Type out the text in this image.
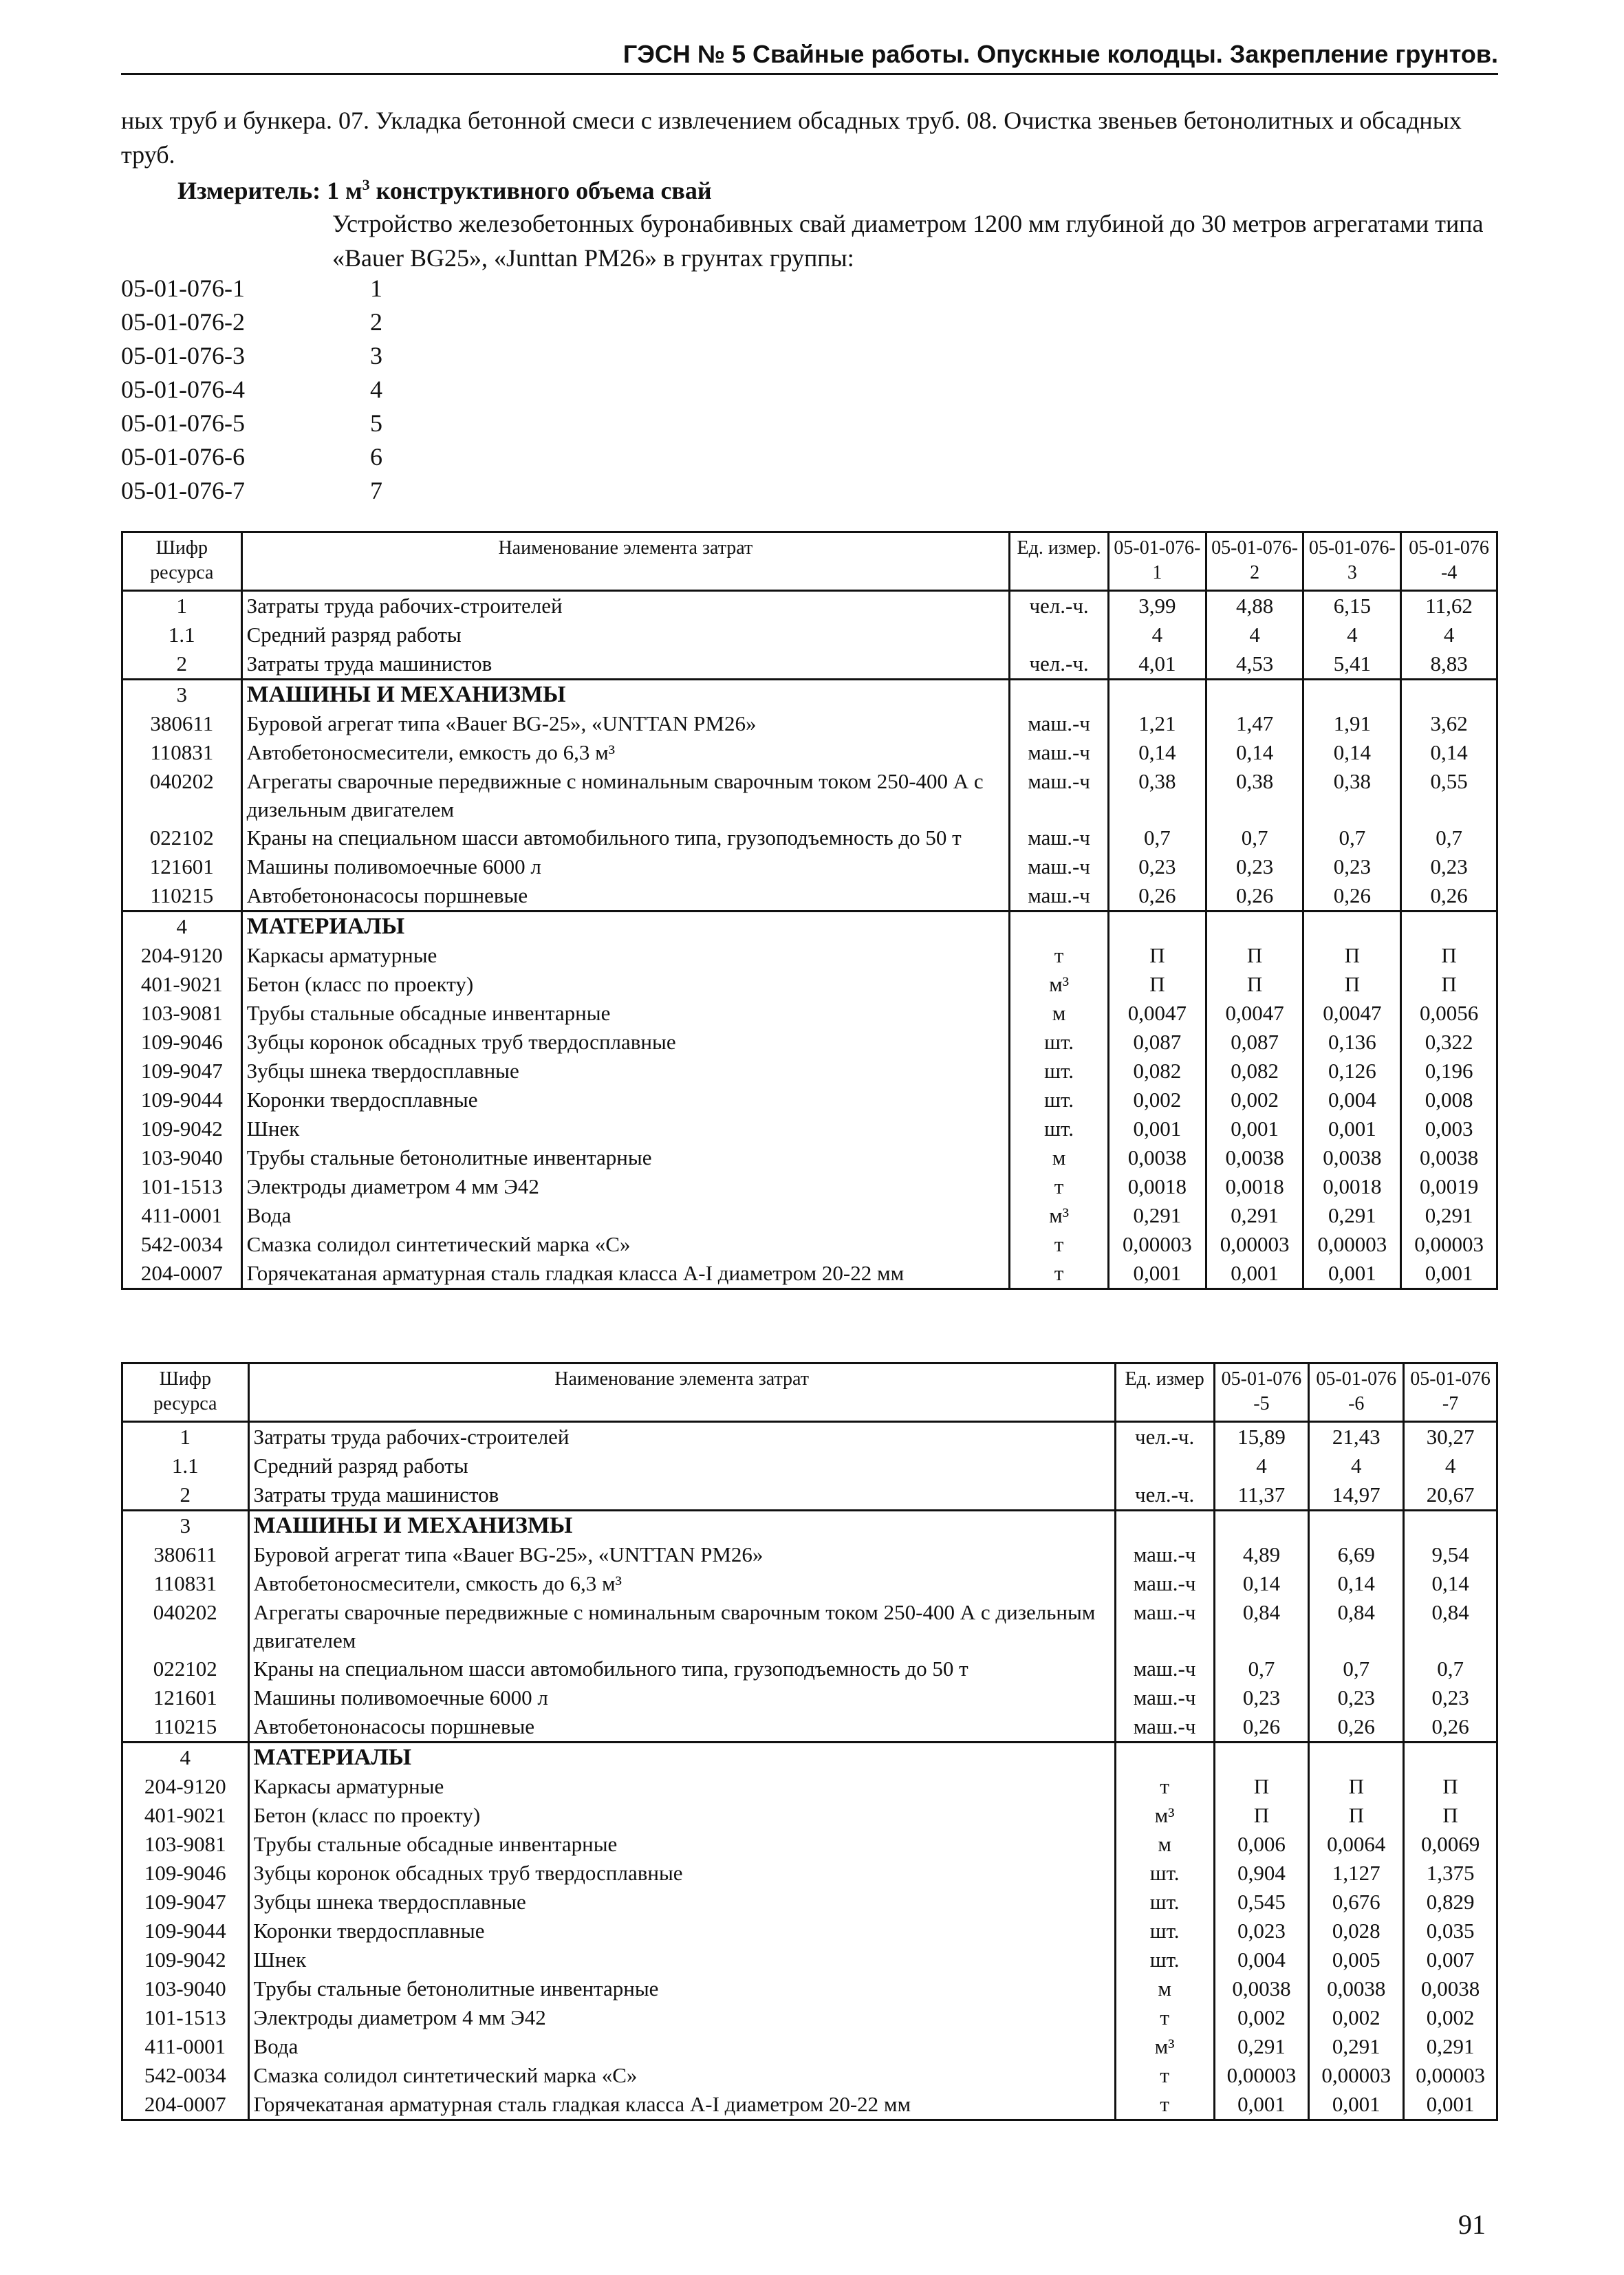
ГЭСН № 5 Свайные работы. Опускные колодцы. Закрепление грунтов.
ных труб и бункера. 07. Укладка бетонной смеси с извлечением обсадных труб. 08. Очистка звеньев бетонолитных и обсадных труб.
Измеритель: 1 $м^3$ конструктивного объема свай
Устройство железобетонных буронабивных свай диаметром 1200 мм глубиной до 30 метров агрегатами типа «Bauer BG25», «Junttan PM26» в грунтах группы:
05-01-076-1	1
05-01-076-2	2
05-01-076-3	3
05-01-076-4	4
05-01-076-5	5
05-01-076-6	6
05-01-076-7	7
Шифр ресурса	Наименование элемента затрат	Ед. измер.	05-01-076-1	05-01-076-2	05-01-076-3	05-01-076-4
1	Затраты труда рабочих-строителей	чел.-ч.	3,99	4,88	6,15	11,62
1.1	Средний разряд работы		4	4	4	4
2	Затраты труда машинистов	чел.-ч.	4,01	4,53	5,41	8,83
3	МАШИНЫ И МЕХАНИЗМЫ					
380611	Буровой агрегат типа «Bauer BG-25», «UNTTAN PM26»	маш.-ч	1,21	1,47	1,91	3,62
110831	Автобетоносмесители, емкость до 6,3 м³	маш.-ч	0,14	0,14	0,14	0,14
040202	Агрегаты сварочные передвижные с номинальным сварочным током 250-400 А с дизельным двигателем	маш.-ч	0,38	0,38	0,38	0,55
022102	Краны на специальном шасси автомобильного типа, грузоподъемность до 50 т	маш.-ч	0,7	0,7	0,7	0,7
121601	Машины поливомоечные 6000 л	маш.-ч	0,23	0,23	0,23	0,23
110215	Автобетононасосы поршневые	маш.-ч	0,26	0,26	0,26	0,26
4	МАТЕРИАЛЫ					
204-9120	Каркасы арматурные	т	П	П	П	П
401-9021	Бетон (класс по проекту)	м³	П	П	П	П
103-9081	Трубы стальные обсадные инвентарные	м	0,0047	0,0047	0,0047	0,0056
109-9046	Зубцы коронок обсадных труб твердосплавные	шт.	0,087	0,087	0,136	0,322
109-9047	Зубцы шнека твердосплавные	шт.	0,082	0,082	0,126	0,196
109-9044	Коронки твердосплавные	шт.	0,002	0,002	0,004	0,008
109-9042	Шнек	шт.	0,001	0,001	0,001	0,003
103-9040	Трубы стальные бетонолитные инвентарные	м	0,0038	0,0038	0,0038	0,0038
101-1513	Электроды диаметром 4 мм Э42	т	0,0018	0,0018	0,0018	0,0019
411-0001	Вода	м³	0,291	0,291	0,291	0,291
542-0034	Смазка солидол синтетический марка «С»	т	0,00003	0,00003	0,00003	0,00003
204-0007	Горячекатаная арматурная сталь гладкая класса А-I диаметром 20-22 мм	т	0,001	0,001	0,001	0,001
Шифр ресурса	Наименование элемента затрат	Ед. измер	05-01-076-5	05-01-076-6	05-01-076-7
1	Затраты труда рабочих-строителей	чел.-ч.	15,89	21,43	30,27
1.1	Средний разряд работы		4	4	4
2	Затраты труда машинистов	чел.-ч.	11,37	14,97	20,67
3	МАШИНЫ И МЕХАНИЗМЫ				
380611	Буровой агрегат типа «Bauer BG-25», «UNTTAN PM26»	маш.-ч	4,89	6,69	9,54
110831	Автобетоносмесители, смкость до 6,3 м³	маш.-ч	0,14	0,14	0,14
040202	Агрегаты сварочные передвижные с номинальным сварочным током 250-400 А с дизельным двигателем	маш.-ч	0,84	0,84	0,84
022102	Краны на специальном шасси автомобильного типа, грузоподъемность до 50 т	маш.-ч	0,7	0,7	0,7
121601	Машины поливомоечные 6000 л	маш.-ч	0,23	0,23	0,23
110215	Автобетононасосы поршневые	маш.-ч	0,26	0,26	0,26
4	МАТЕРИАЛЫ				
204-9120	Каркасы арматурные	т	П	П	П
401-9021	Бетон (класс по проекту)	м³	П	П	П
103-9081	Трубы стальные обсадные инвентарные	м	0,006	0,0064	0,0069
109-9046	Зубцы коронок обсадных труб твердосплавные	шт.	0,904	1,127	1,375
109-9047	Зубцы шнека твердосплавные	шт.	0,545	0,676	0,829
109-9044	Коронки твердосплавные	шт.	0,023	0,028	0,035
109-9042	Шнек	шт.	0,004	0,005	0,007
103-9040	Трубы стальные бетонолитные инвентарные	м	0,0038	0,0038	0,0038
101-1513	Электроды диаметром 4 мм Э42	т	0,002	0,002	0,002
411-0001	Вода	м³	0,291	0,291	0,291
542-0034	Смазка солидол синтетический марка «С»	т	0,00003	0,00003	0,00003
204-0007	Горячекатаная арматурная сталь гладкая класса А-I диаметром 20-22 мм	т	0,001	0,001	0,001
91
